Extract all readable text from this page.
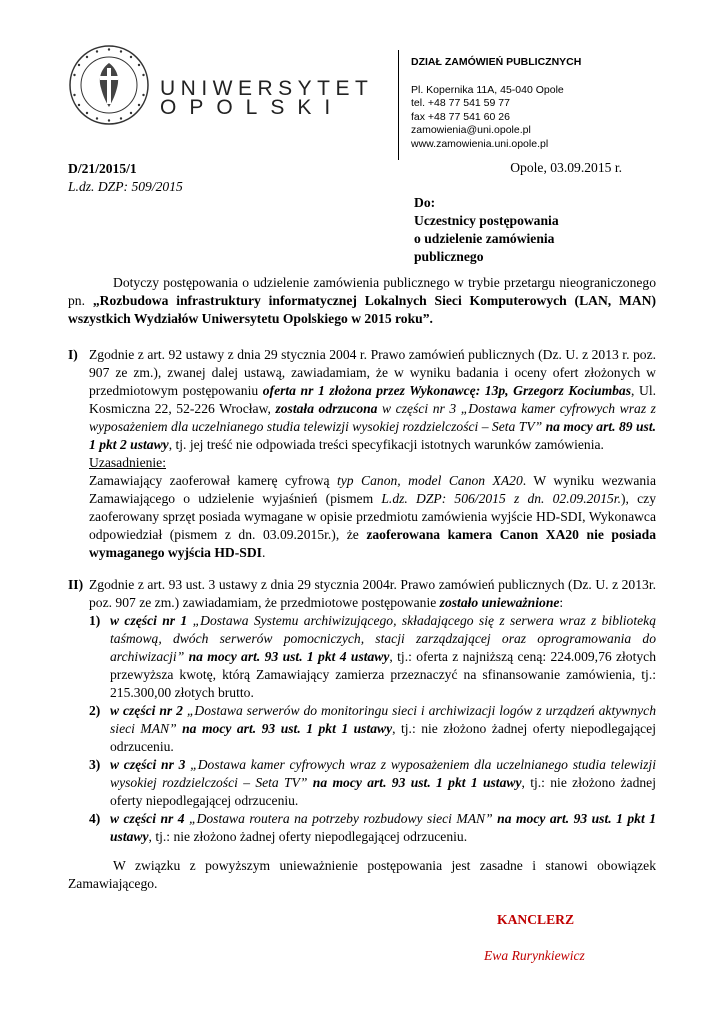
UNIWERSYTET
OPOLSKI
DZIAŁ ZAMÓWIEŃ PUBLICZNYCH
Pl. Kopernika 11A, 45-040 Opole
tel. +48 77 541 59 77
fax +48 77 541 60 26
zamowienia@uni.opole.pl
www.zamowienia.uni.opole.pl
D/21/2015/1
L.dz. DZP: 509/2015
Opole, 03.09.2015 r.
Do:
Uczestnicy postępowania
o udzielenie zamówienia
publicznego
Dotyczy postępowania o udzielenie zamówienia publicznego w trybie przetargu nieograniczonego pn. „Rozbudowa infrastruktury informatycznej Lokalnych Sieci Komputerowych (LAN, MAN) wszystkich Wydziałów Uniwersytetu Opolskiego w 2015 roku”.
I) Zgodnie z art. 92 ustawy z dnia 29 stycznia 2004 r. Prawo zamówień publicznych (Dz. U. z 2013 r. poz. 907 ze zm.), zwanej dalej ustawą, zawiadamiam, że w wyniku badania i oceny ofert złożonych w przedmiotowym postępowaniu oferta nr 1 złożona przez Wykonawcę: 13p, Grzegorz Kociumbas, Ul. Kosmiczna 22, 52-226 Wrocław, została odrzucona w części nr 3 „Dostawa kamer cyfrowych wraz z wyposażeniem dla uczelnianego studia telewizji wysokiej rozdzielczości – Seta TV” na mocy art. 89 ust. 1 pkt 2 ustawy, tj. jej treść nie odpowiada treści specyfikacji istotnych warunków zamówienia.
Uzasadnienie:
Zamawiający zaoferował kamerę cyfrową typ Canon, model Canon XA20. W wyniku wezwania Zamawiającego o udzielenie wyjaśnień (pismem L.dz. DZP: 506/2015 z dn. 02.09.2015r.), czy zaoferowany sprzęt posiada wymagane w opisie przedmiotu zamówienia wyjście HD-SDI, Wykonawca odpowiedział (pismem z dn. 03.09.2015r.), że zaoferowana kamera Canon XA20 nie posiada wymaganego wyjścia HD-SDI.
II) Zgodnie z art. 93 ust. 3 ustawy z dnia 29 stycznia 2004r. Prawo zamówień publicznych (Dz. U. z 2013r. poz. 907 ze zm.) zawiadamiam, że przedmiotowe postępowanie zostało unieważnione:
1) w części nr 1 „Dostawa Systemu archiwizującego, składającego się z serwera wraz z biblioteką taśmową, dwóch serwerów pomocniczych, stacji zarządzającej oraz oprogramowania do archiwizacji” na mocy art. 93 ust. 1 pkt 4 ustawy, tj.: oferta z najniższą ceną: 224.009,76 złotych przewyższa kwotę, którą Zamawiający zamierza przeznaczyć na sfinansowanie zamówienia, tj.: 215.300,00 złotych brutto.
2) w części nr 2 „Dostawa serwerów do monitoringu sieci i archiwizacji logów z urządzeń aktywnych sieci MAN” na mocy art. 93 ust. 1 pkt 1 ustawy, tj.: nie złożono żadnej oferty niepodlegającej odrzuceniu.
3) w części nr 3 „Dostawa kamer cyfrowych wraz z wyposażeniem dla uczelnianego studia telewizji wysokiej rozdzielczości – Seta TV” na mocy art. 93 ust. 1 pkt 1 ustawy, tj.: nie złożono żadnej oferty niepodlegającej odrzuceniu.
4) w części nr 4 „Dostawa routera na potrzeby rozbudowy sieci MAN” na mocy art. 93 ust. 1 pkt 1 ustawy, tj.: nie złożono żadnej oferty niepodlegającej odrzuceniu.
W związku z powyższym unieważnienie postępowania jest zasadne i stanowi obowiązek Zamawiającego.
KANCLERZ
Ewa Rurynkiewicz
